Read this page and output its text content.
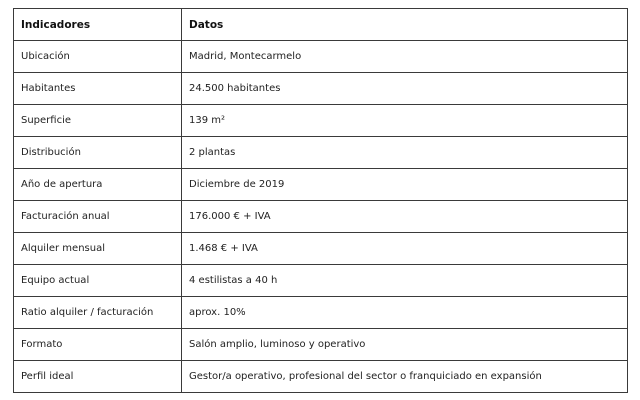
Indicadores	Datos
Ubicación	Madrid, Montecarmelo
Habitantes	24.500 habitantes
Superficie	139 m²
Distribución	2 plantas
Año de apertura	Diciembre de 2019
Facturación anual	176.000 € + IVA
Alquiler mensual	1.468 € + IVA
Equipo actual	4 estilistas a 40 h
Ratio alquiler / facturación	aprox. 10%
Formato	Salón amplio, luminoso y operativo
Perfil ideal	Gestor/a operativo, profesional del sector o franquiciado en expansión
